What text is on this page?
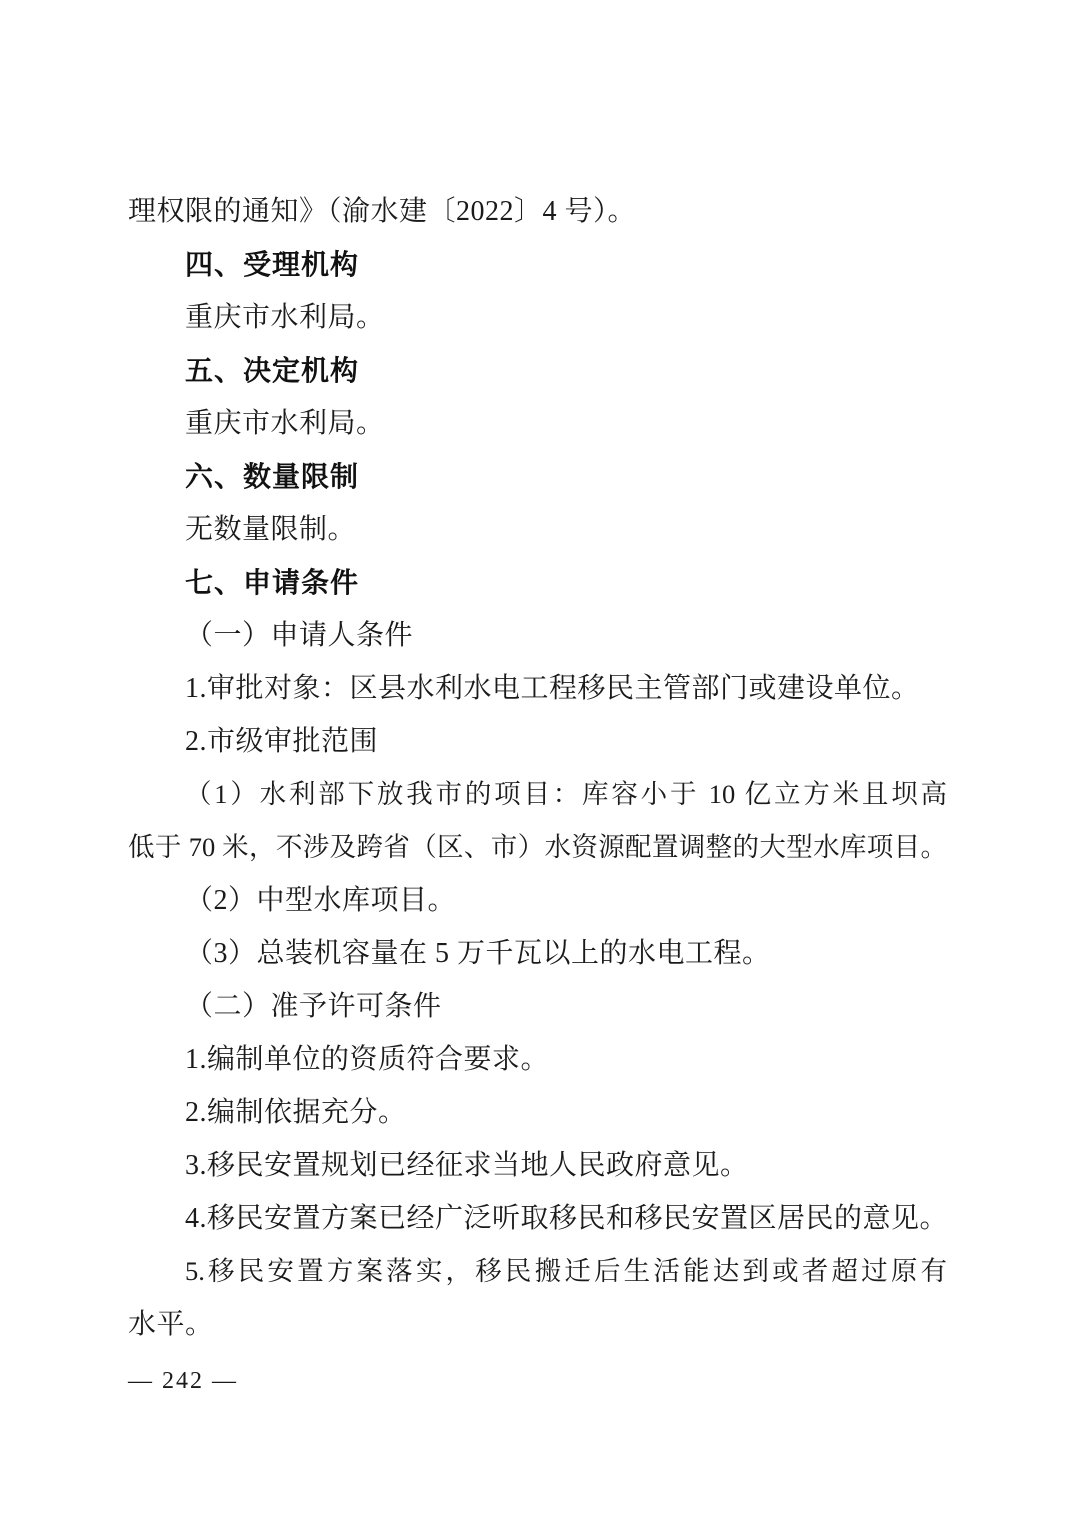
理权限的通知》（渝水建〔2022〕4 号）。
四、受理机构
重庆市水利局。
五、决定机构
重庆市水利局。
六、数量限制
无数量限制。
七、申请条件
（一）申请人条件
1.审批对象：区县水利水电工程移民主管部门或建设单位。
2.市级审批范围
（1）水利部下放我市的项目：库容小于 10 亿立方米且坝高
低于 70 米，不涉及跨省（区、市）水资源配置调整的大型水库项目。
（2）中型水库项目。
（3）总装机容量在 5 万千瓦以上的水电工程。
（二）准予许可条件
1.编制单位的资质符合要求。
2.编制依据充分。
3.移民安置规划已经征求当地人民政府意见。
4.移民安置方案已经广泛听取移民和移民安置区居民的意见。
5.移民安置方案落实，移民搬迁后生活能达到或者超过原有
水平。
— 242 —
